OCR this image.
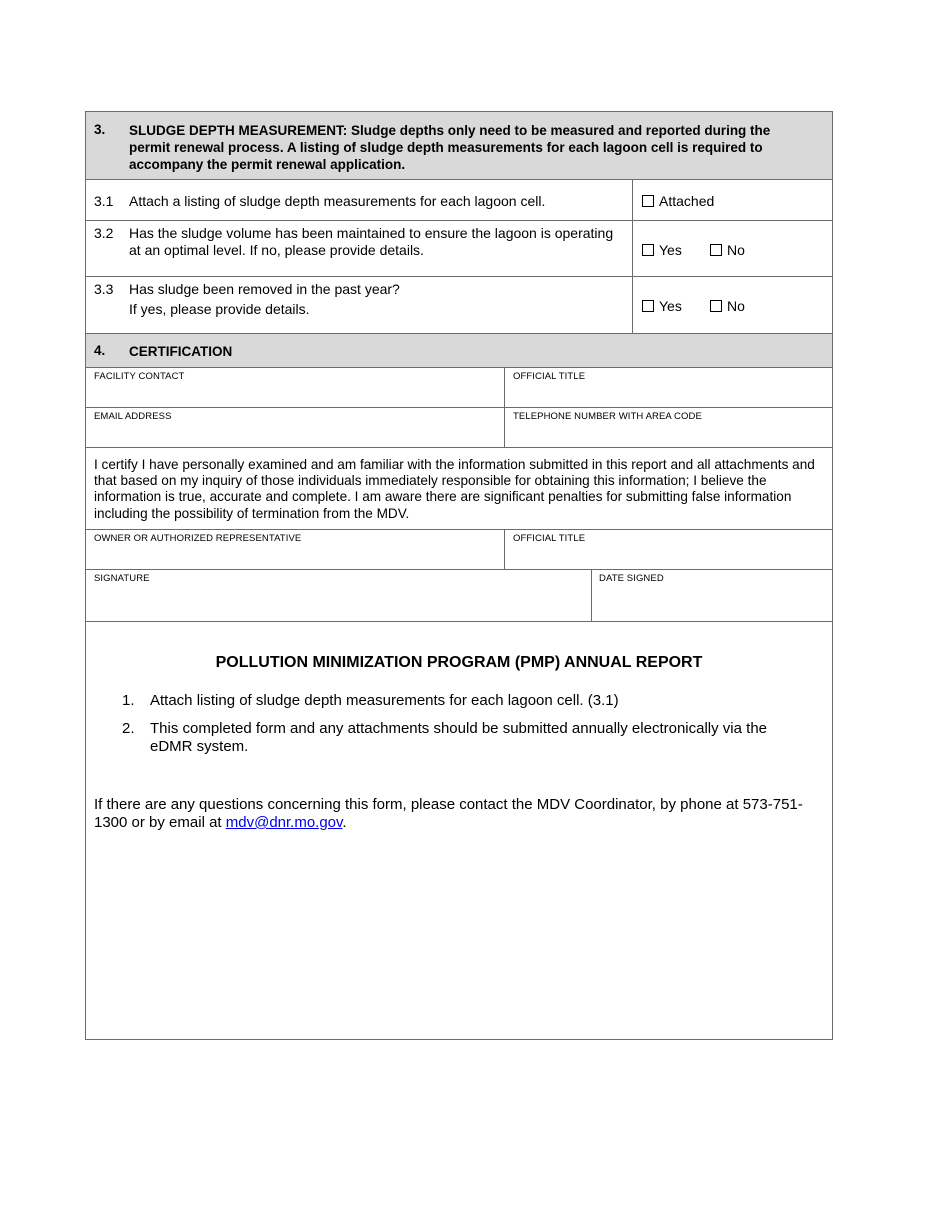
3. SLUDGE DEPTH MEASUREMENT: Sludge depths only need to be measured and reported during the permit renewal process. A listing of sludge depth measurements for each lagoon cell is required to accompany the permit renewal application.
3.1 Attach a listing of sludge depth measurements for each lagoon cell.	Attached
3.2 Has the sludge volume has been maintained to ensure the lagoon is operating at an optimal level. If no, please provide details.	Yes	No
3.3 Has sludge been removed in the past year?
If yes, please provide details.	Yes	No
4. CERTIFICATION
FACILITY CONTACT	OFFICIAL TITLE
EMAIL ADDRESS	TELEPHONE NUMBER WITH AREA CODE
I certify I have personally examined and am familiar with the information submitted in this report and all attachments and that based on my inquiry of those individuals immediately responsible for obtaining this information; I believe the information is true, accurate and complete. I am aware there are significant penalties for submitting false information including the possibility of termination from the MDV.
OWNER OR AUTHORIZED REPRESENTATIVE	OFFICIAL TITLE
SIGNATURE	DATE SIGNED
POLLUTION MINIMIZATION PROGRAM (PMP) ANNUAL REPORT
1. Attach listing of sludge depth measurements for each lagoon cell. (3.1)
2. This completed form and any attachments should be submitted annually electronically via the eDMR system.
If there are any questions concerning this form, please contact the MDV Coordinator, by phone at 573-751-1300 or by email at mdv@dnr.mo.gov.
